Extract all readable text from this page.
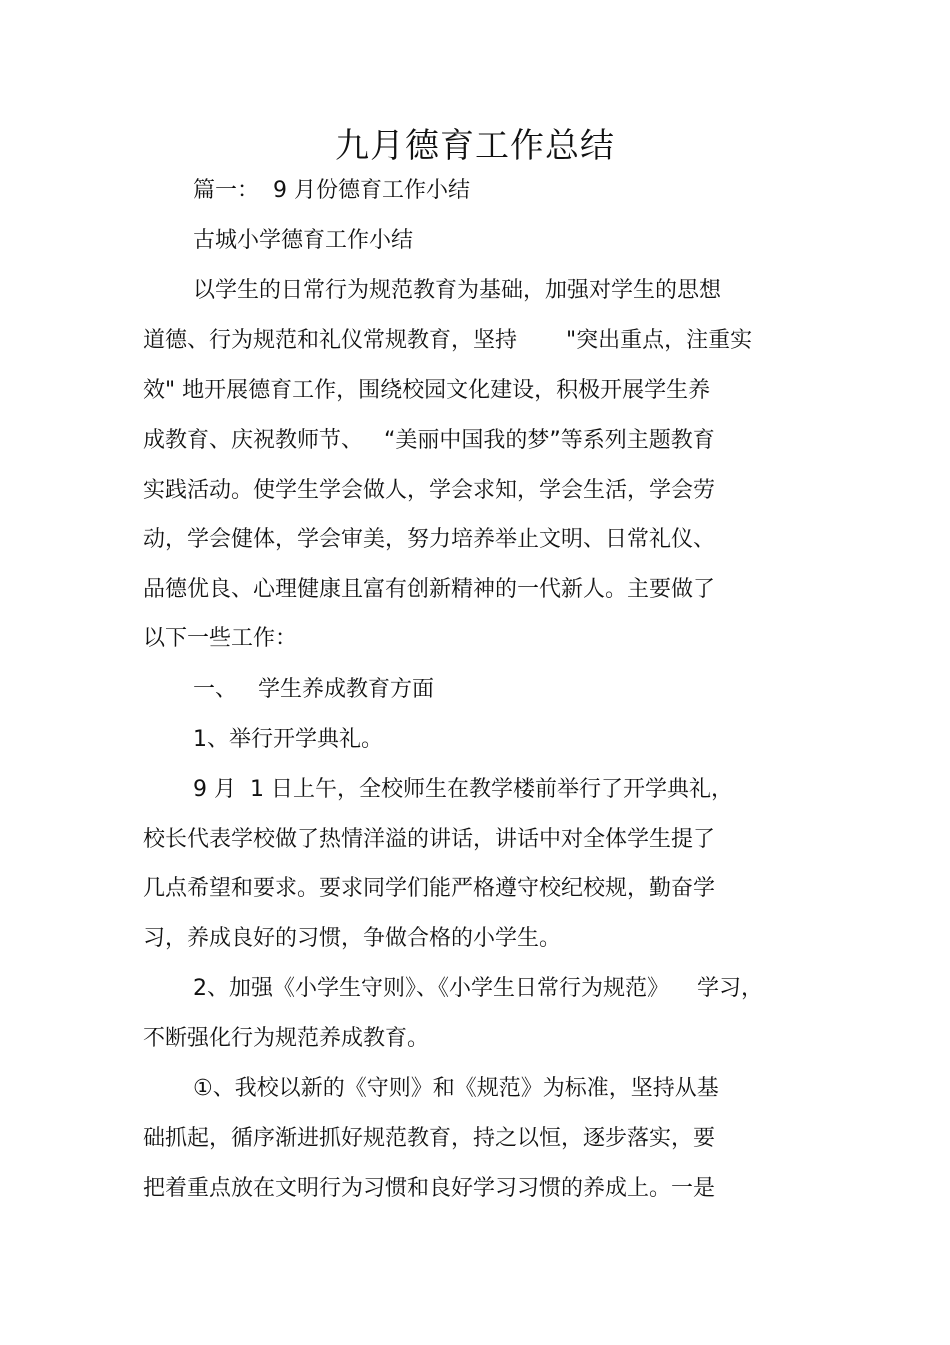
九月德育工作总结
篇一：  9 月份德育工作小结
古城小学德育工作小结
以学生的日常行为规范教育为基础，加强对学生的思想
道德、行为规范和礼仪常规教育，坚持       "突出重点，注重实
效" 地开展德育工作，围绕校园文化建设，积极开展学生养
成教育、庆祝教师节、   “美丽中国我的梦”等系列主题教育
实践活动。使学生学会做人，学会求知，学会生活，学会劳
动，学会健体，学会审美，努力培养举止文明、日常礼仪、
品德优良、心理健康且富有创新精神的一代新人。主要做了
以下一些工作：
一、   学生养成教育方面
1、举行开学典礼。
9 月  1 日上午，全校师生在教学楼前举行了开学典礼，
校长代表学校做了热情洋溢的讲话，讲话中对全体学生提了
几点希望和要求。要求同学们能严格遵守校纪校规，勤奋学
习，养成良好的习惯，争做合格的小学生。
2、加强《小学生守则》、《小学生日常行为规范》    学习，
不断强化行为规范养成教育。
①、我校以新的《守则》和《规范》为标准，坚持从基
础抓起，循序渐进抓好规范教育，持之以恒，逐步落实，要
把着重点放在文明行为习惯和良好学习习惯的养成上。一是
